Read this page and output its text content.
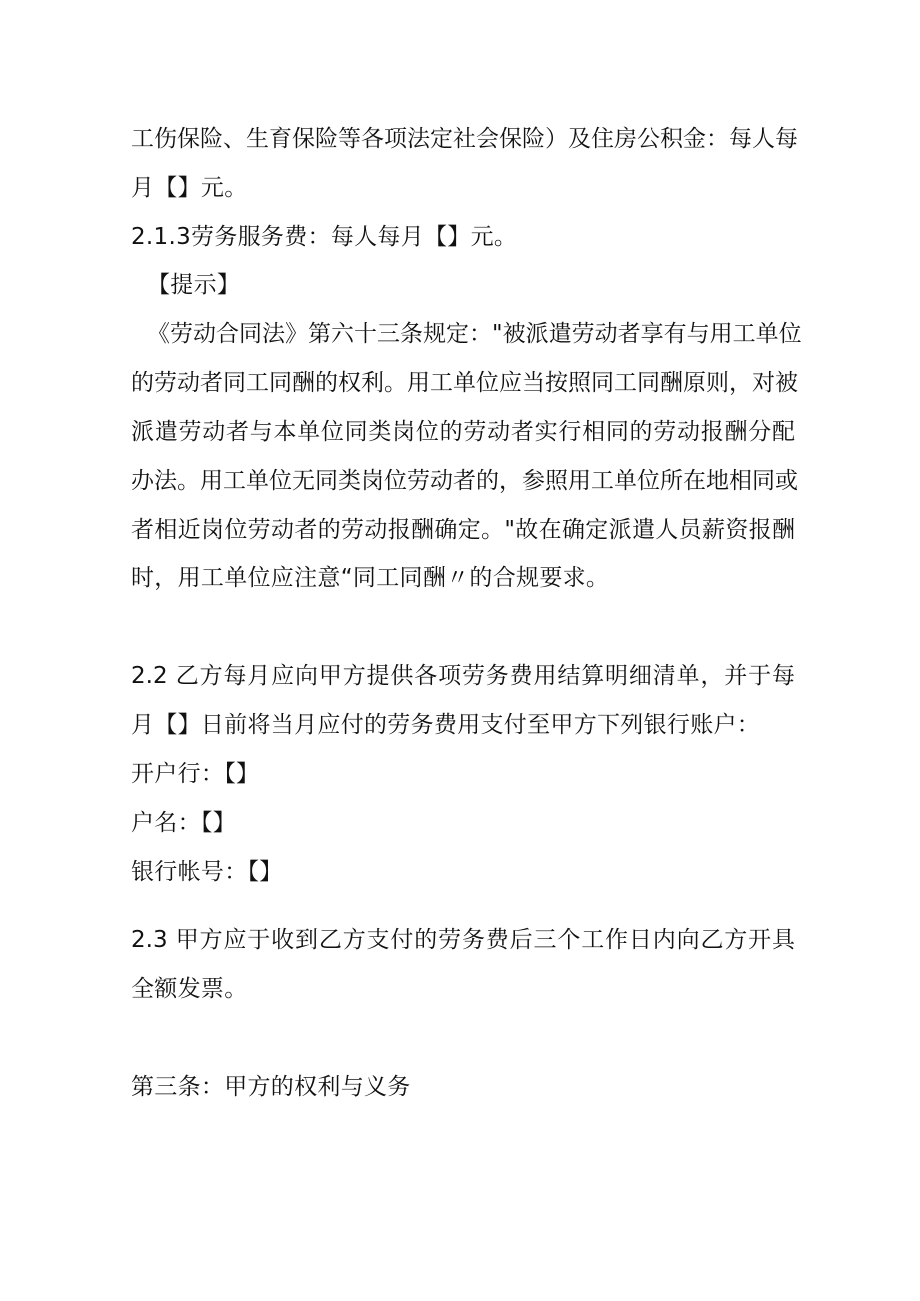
工伤保险、生育保险等各项法定社会保险）及住房公积金：每人每
月【】元。
2.1.3劳务服务费：每人每月【】元。
【提示】
《劳动合同法》第六十三条规定："被派遣劳动者享有与用工单位
的劳动者同工同酬的权利。用工单位应当按照同工同酬原则，对被
派遣劳动者与本单位同类岗位的劳动者实行相同的劳动报酬分配
办法。用工单位无同类岗位劳动者的，参照用工单位所在地相同或
者相近岗位劳动者的劳动报酬确定。"故在确定派遣人员薪资报酬
时，用工单位应注意“同工同酬〃的合规要求。
2.2 乙方每月应向甲方提供各项劳务费用结算明细清单，并于每
月【】日前将当月应付的劳务费用支付至甲方下列银行账户：
开户行：【】
户名：【】
银行帐号：【】
2.3 甲方应于收到乙方支付的劳务费后三个工作日内向乙方开具
全额发票。
第三条：甲方的权利与义务
